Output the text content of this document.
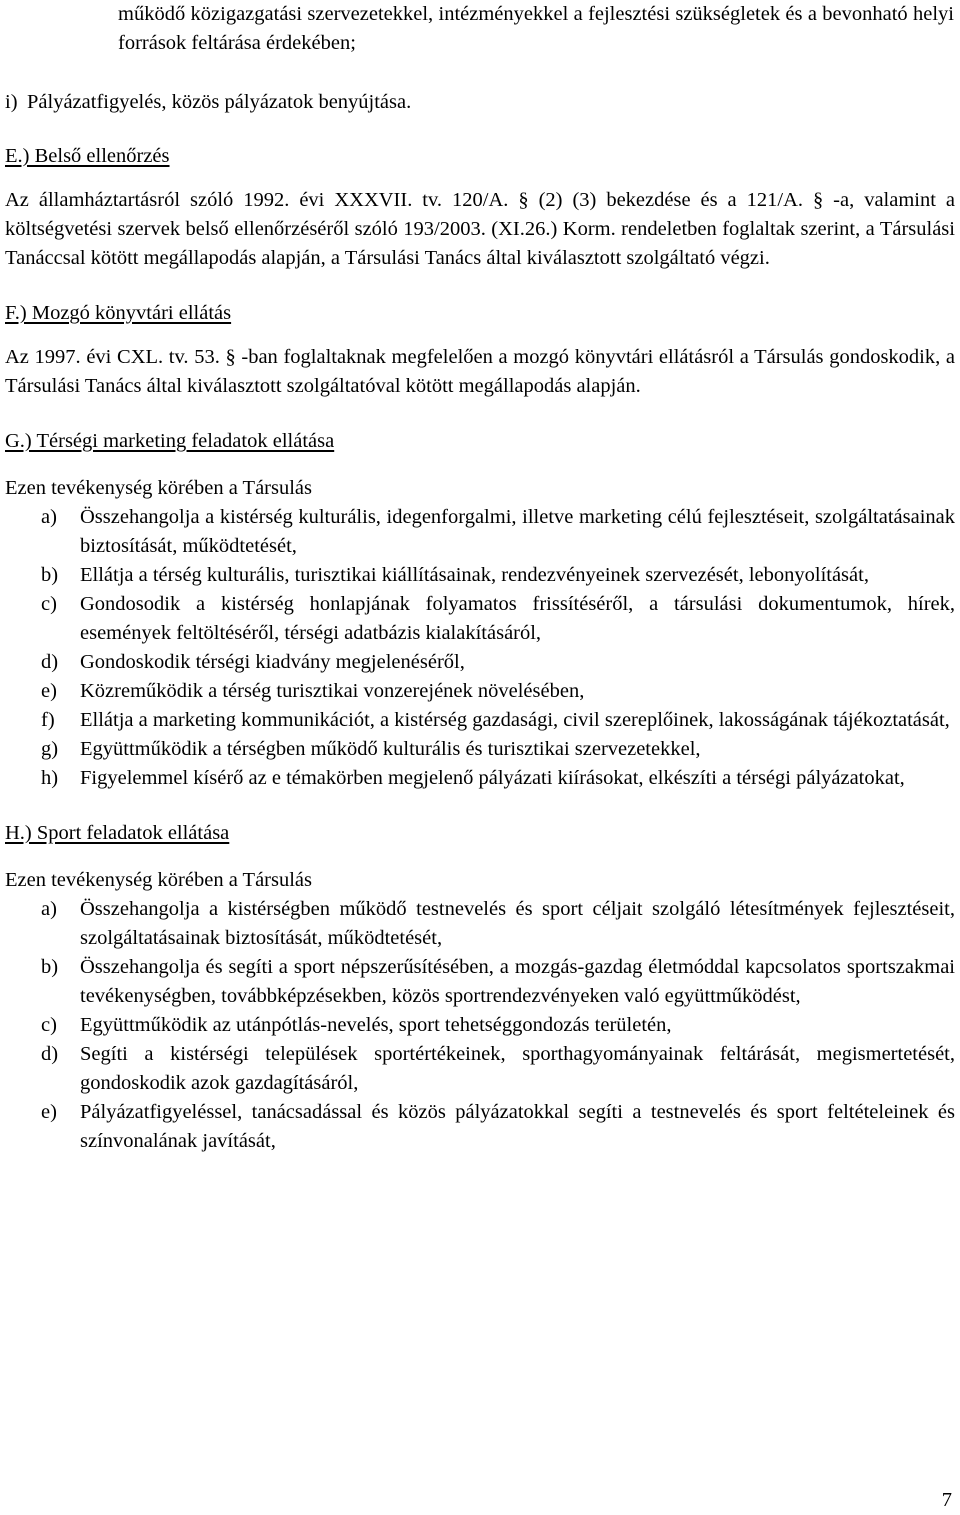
működő közigazgatási szervezetekkel, intézményekkel a fejlesztési szükségletek és a bevonható helyi források feltárása érdekében;

i) Pályázatfigyelés, közös pályázatok benyújtása.

E.) Belső ellenőrzés

Az államháztartásról szóló 1992. évi XXXVII. tv. 120/A. § (2) (3) bekezdése és a 121/A. § -a, valamint a költségvetési szervek belső ellenőrzéséről szóló 193/2003. (XI.26.) Korm. rendeletben foglaltak szerint, a Társulási Tanáccsal kötött megállapodás alapján, a Társulási Tanács által kiválasztott szolgáltató végzi.

F.) Mozgó könyvtári ellátás

Az 1997. évi CXL. tv. 53. § -ban foglaltaknak megfelelően a mozgó könyvtári ellátásról a Társulás gondoskodik, a Társulási Tanács által kiválasztott szolgáltatóval kötött megállapodás alapján.

G.) Térségi marketing feladatok ellátása

Ezen tevékenység körében a Társulás

a)	Összehangolja a kistérség kulturális, idegenforgalmi, illetve marketing célú fejlesztéseit, szolgáltatásainak biztosítását, működtetését,
b)	Ellátja a térség kulturális, turisztikai kiállításainak, rendezvényeinek szervezését, lebonyolítását,
c)	Gondosodik a kistérség honlapjának folyamatos frissítéséről, a társulási dokumentumok, hírek, események feltöltéséről, térségi adatbázis kialakításáról,
d)	Gondoskodik térségi kiadvány megjelenéséről,
e)	Közreműködik a térség turisztikai vonzerejének növelésében,
f)	Ellátja a marketing kommunikációt, a kistérség gazdasági, civil szereplőinek, lakosságának tájékoztatását,
g)	Együttműködik a térségben működő kulturális és turisztikai szervezetekkel,
h)	Figyelemmel kísérő az e témakörben megjelenő pályázati kiírásokat, elkészíti a térségi pályázatokat,

H.) Sport feladatok ellátása

Ezen tevékenység körében a Társulás

a)	Összehangolja a kistérségben működő testnevelés és sport céljait szolgáló létesítmények fejlesztéseit, szolgáltatásainak biztosítását, működtetését,
b)	Összehangolja és segíti a sport népszerűsítésében, a mozgás-gazdag életmóddal kapcsolatos sportszakmai tevékenységben, továbbképzésekben, közös sportrendezvényeken való együttműködést,
c)	Együttműködik az utánpótlás-nevelés, sport tehetséggondozás területén,
d)	Segíti a kistérségi települések sportértékeinek, sporthagyományainak feltárását, megismertetését, gondoskodik azok gazdagításáról,
e)	Pályázatfigyeléssel, tanácsadással és közös pályázatokkal segíti a testnevelés és sport feltételeinek és színvonalának javítását,
7
